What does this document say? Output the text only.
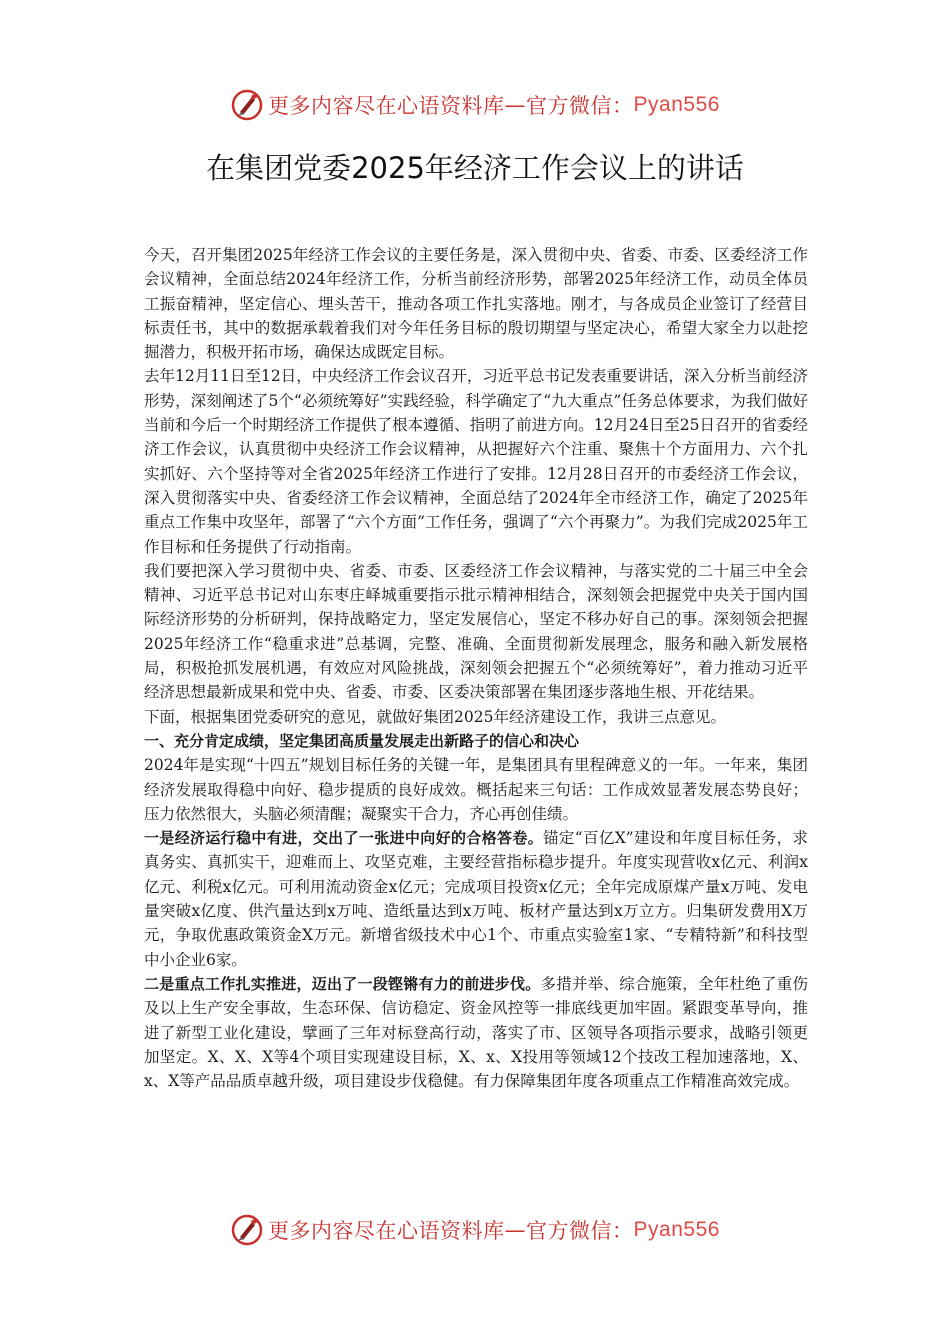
更多内容尽在心语资料库 — 官方微信： Pyan556
在集团党委2025年经济工作会议上的讲话

今天，召开集团2025年经济工作会议的主要任务是，深入贯彻中央、省委、市委、区委经济工作会议精神，全面总结2024年经济工作，分析当前经济形势，部署2025年经济工作，动员全体员工振奋精神，坚定信心、埋头苦干，推动各项工作扎实落地。刚才，与各成员企业签订了经营目标责任书，其中的数据承载着我们对今年任务目标的殷切期望与坚定决心，希望大家全力以赴挖掘潜力，积极开拓市场，确保达成既定目标。

去年12月11日至12日，中央经济工作会议召开，习近平总书记发表重要讲话，深入分析当前经济形势，深刻阐述了5个“必须统筹好”实践经验，科学确定了“九大重点”任务总体要求，为我们做好当前和今后一个时期经济工作提供了根本遵循、指明了前进方向。12月24日至25日召开的省委经济工作会议，认真贯彻中央经济工作会议精神，从把握好六个注重、聚焦十个方面用力、六个扎实抓好、六个坚持等对全省2025年经济工作进行了安排。12月28日召开的市委经济工作会议，深入贯彻落实中央、省委经济工作会议精神，全面总结了2024年全市经济工作，确定了2025年重点工作集中攻坚年，部署了“六个方面”工作任务，强调了“六个再聚力”。为我们完成2025年工作目标和任务提供了行动指南。

我们要把深入学习贯彻中央、省委、市委、区委经济工作会议精神，与落实党的二十届三中全会精神、习近平总书记对山东枣庄峄城重要指示批示精神相结合，深刻领会把握党中央关于国内国际经济形势的分析研判，保持战略定力，坚定发展信心，坚定不移办好自己的事。深刻领会把握2025年经济工作“稳重求进”总基调，完整、准确、全面贯彻新发展理念，服务和融入新发展格局，积极抢抓发展机遇，有效应对风险挑战，深刻领会把握五个“必须统筹好”，着力推动习近平经济思想最新成果和党中央、省委、市委、区委决策部署在集团逐步落地生根、开花结果。

下面，根据集团党委研究的意见，就做好集团2025年经济建设工作，我讲三点意见。

一、充分肯定成绩，坚定集团高质量发展走出新路子的信心和决心

2024年是实现“十四五”规划目标任务的关键一年，是集团具有里程碑意义的一年。一年来，集团经济发展取得稳中向好、稳步提质的良好成效。概括起来三句话：工作成效显著发展态势良好；压力依然很大，头脑必须清醒；凝聚实干合力，齐心再创佳绩。

一是经济运行稳中有进，交出了一张进中向好的合格答卷。锚定“百亿X”建设和年度目标任务，求真务实、真抓实干，迎难而上、攻坚克难，主要经营指标稳步提升。年度实现营收x亿元、利润x亿元、利税x亿元。可利用流动资金x亿元；完成项目投资x亿元；全年完成原煤产量x万吨、发电量突破x亿度、供汽量达到x万吨、造纸量达到x万吨、板材产量达到x万立方。归集研发费用X万元，争取优惠政策资金X万元。新增省级技术中心1个、市重点实验室1家、“专精特新”和科技型中小企业6家。

二是重点工作扎实推进，迈出了一段铿锵有力的前进步伐。多措并举、综合施策，全年杜绝了重伤及以上生产安全事故，生态环保、信访稳定、资金风控等一排底线更加牢固。紧跟变革导向，推进了新型工业化建设，擘画了三年对标登高行动，落实了市、区领导各项指示要求，战略引领更加坚定。X、X、X等4个项目实现建设目标，X、x、X投用等领域12个技改工程加速落地，X、x、X等产品品质卓越升级，项目建设步伐稳健。有力保障集团年度各项重点工作精准高效完成。

更多内容尽在心语资料库 — 官方微信： Pyan556
